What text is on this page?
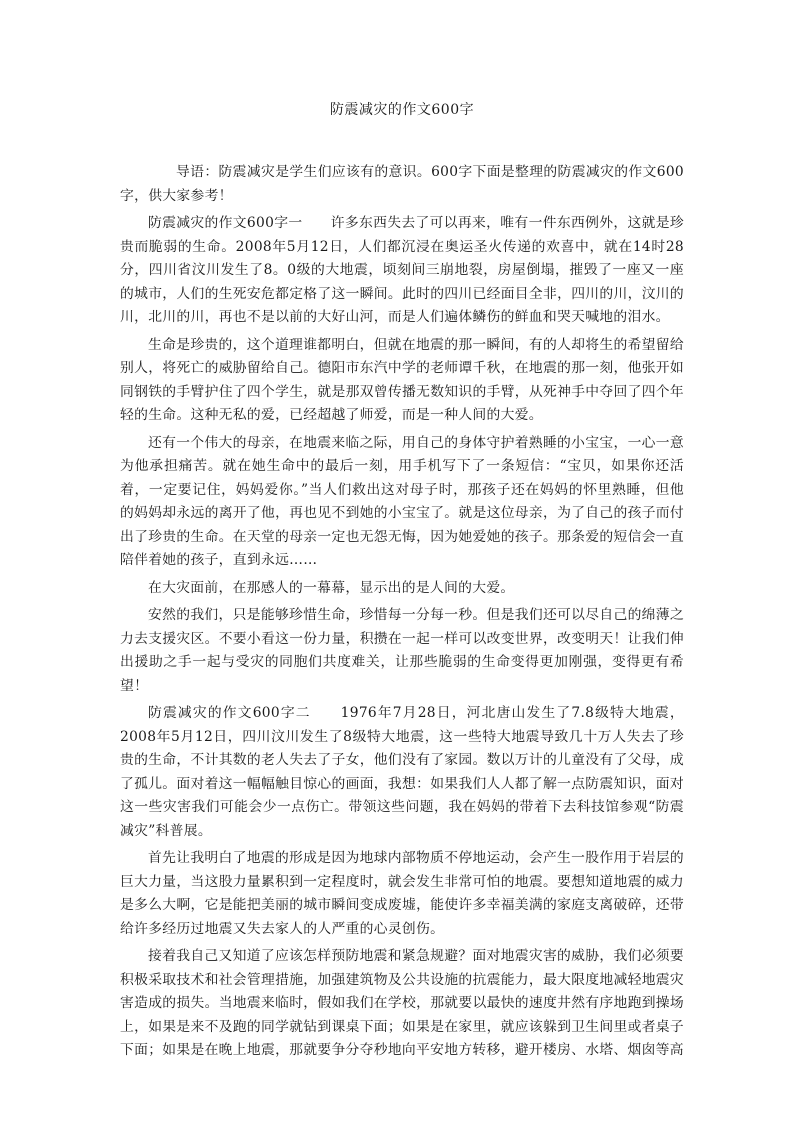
防震减灾的作文600字

导语：防震减灾是学生们应该有的意识。600字下面是整理的防震减灾的作文600字，供大家参考！

防震减灾的作文600字一　　许多东西失去了可以再来，唯有一件东西例外，这就是珍贵而脆弱的生命。2008年5月12日，人们都沉浸在奥运圣火传递的欢喜中，就在14时28分，四川省汶川发生了8。0级的大地震，顷刻间三崩地裂，房屋倒塌，摧毁了一座又一座的城市，人们的生死安危都定格了这一瞬间。此时的四川已经面目全非，四川的川，汶川的川，北川的川，再也不是以前的大好山河，而是人们遍体鳞伤的鲜血和哭天喊地的泪水。

生命是珍贵的，这个道理谁都明白，但就在地震的那一瞬间，有的人却将生的希望留给别人，将死亡的威胁留给自己。德阳市东汽中学的老师谭千秋，在地震的那一刻，他张开如同钢铁的手臂护住了四个学生，就是那双曾传播无数知识的手臂，从死神手中夺回了四个年轻的生命。这种无私的爱，已经超越了师爱，而是一种人间的大爱。

还有一个伟大的母亲，在地震来临之际，用自己的身体守护着熟睡的小宝宝，一心一意为他承担痛苦。就在她生命中的最后一刻，用手机写下了一条短信：“宝贝，如果你还活着，一定要记住，妈妈爱你。”当人们救出这对母子时，那孩子还在妈妈的怀里熟睡，但他的妈妈却永远的离开了他，再也见不到她的小宝宝了。就是这位母亲，为了自己的孩子而付出了珍贵的生命。在天堂的母亲一定也无怨无悔，因为她爱她的孩子。那条爱的短信会一直陪伴着她的孩子，直到永远……

在大灾面前，在那感人的一幕幕，显示出的是人间的大爱。

安然的我们，只是能够珍惜生命，珍惜每一分每一秒。但是我们还可以尽自己的绵薄之力去支援灾区。不要小看这一份力量，积攒在一起一样可以改变世界，改变明天！让我们伸出援助之手一起与受灾的同胞们共度难关，让那些脆弱的生命变得更加刚强，变得更有希望！

防震减灾的作文600字二　　1976年7月28日，河北唐山发生了7.8级特大地震，2008年5月12日，四川汶川发生了8级特大地震，这一些特大地震导致几十万人失去了珍贵的生命，不计其数的老人失去了子女，他们没有了家园。数以万计的儿童没有了父母，成了孤儿。面对着这一幅幅触目惊心的画面，我想：如果我们人人都了解一点防震知识，面对这一些灾害我们可能会少一点伤亡。带领这些问题，我在妈妈的带着下去科技馆参观“防震减灾”科普展。

首先让我明白了地震的形成是因为地球内部物质不停地运动，会产生一股作用于岩层的巨大力量，当这股力量累积到一定程度时，就会发生非常可怕的地震。要想知道地震的威力是多么大啊，它是能把美丽的城市瞬间变成废墟，能使许多幸福美满的家庭支离破碎，还带给许多经历过地震又失去家人的人严重的心灵创伤。

接着我自己又知道了应该怎样预防地震和紧急规避？面对地震灾害的威胁，我们必须要积极采取技术和社会管理措施，加强建筑物及公共设施的抗震能力，最大限度地减轻地震灾害造成的损失。当地震来临时，假如我们在学校，那就要以最快的速度井然有序地跑到操场上，如果是来不及跑的同学就钻到课桌下面；如果是在家里，就应该躲到卫生间里或者桌子下面；如果是在晚上地震，那就要争分夺秒地向平安地方转移，避开楼房、水塔、烟囱等高
